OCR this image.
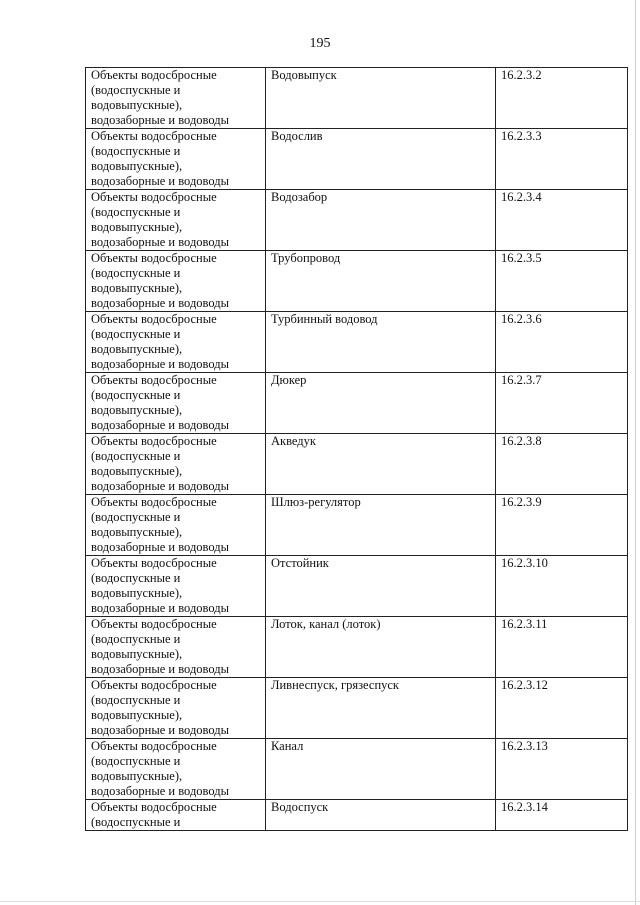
195
Объекты водосбросные
(водоспускные и
водовыпускные),
водозаборные и водоводы	Водовыпуск	16.2.3.2

Объекты водосбросные
(водоспускные и
водовыпускные),
водозаборные и водоводы	Водослив	16.2.3.3

Объекты водосбросные
(водоспускные и
водовыпускные),
водозаборные и водоводы	Водозабор	16.2.3.4

Объекты водосбросные
(водоспускные и
водовыпускные),
водозаборные и водоводы	Трубопровод	16.2.3.5

Объекты водосбросные
(водоспускные и
водовыпускные),
водозаборные и водоводы	Турбинный водовод	16.2.3.6

Объекты водосбросные
(водоспускные и
водовыпускные),
водозаборные и водоводы	Дюкер	16.2.3.7

Объекты водосбросные
(водоспускные и
водовыпускные),
водозаборные и водоводы	Акведук	16.2.3.8

Объекты водосбросные
(водоспускные и
водовыпускные),
водозаборные и водоводы	Шлюз-регулятор	16.2.3.9

Объекты водосбросные
(водоспускные и
водовыпускные),
водозаборные и водоводы	Отстойник	16.2.3.10

Объекты водосбросные
(водоспускные и
водовыпускные),
водозаборные и водоводы	Лоток, канал (лоток)	16.2.3.11

Объекты водосбросные
(водоспускные и
водовыпускные),
водозаборные и водоводы	Ливнеспуск, грязеспуск	16.2.3.12

Объекты водосбросные
(водоспускные и
водовыпускные),
водозаборные и водоводы	Канал	16.2.3.13

Объекты водосбросные
(водоспускные и	Водоспуск	16.2.3.14
